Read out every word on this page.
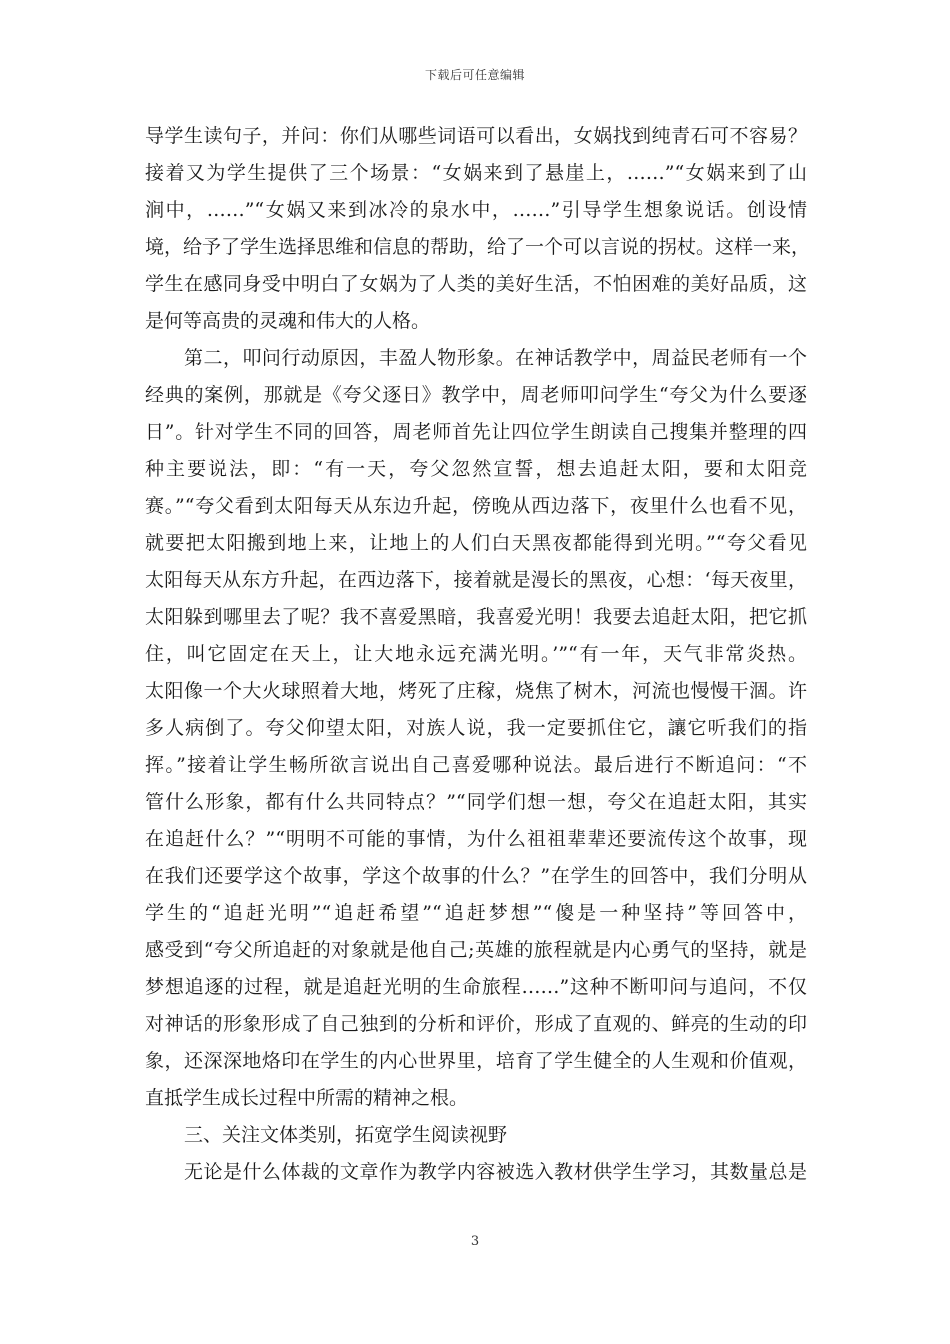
下载后可任意编辑
导学生读句子，并问：你们从哪些词语可以看出，女娲找到纯青石可不容易？
接着又为学生提供了三个场景：“女娲来到了悬崖上，……”“女娲来到了山
涧中，……”“女娲又来到冰冷的泉水中，……”引导学生想象说话。创设情
境，给予了学生选择思维和信息的帮助，给了一个可以言说的拐杖。这样一来，
学生在感同身受中明白了女娲为了人类的美好生活，不怕困难的美好品质，这
是何等高贵的灵魂和伟大的人格。
第二，叩问行动原因，丰盈人物形象。在神话教学中，周益民老师有一个
经典的案例，那就是《夸父逐日》教学中，周老师叩问学生“夸父为什么要逐
日”。针对学生不同的回答，周老师首先让四位学生朗读自己搜集并整理的四
种主要说法，即：“有一天，夸父忽然宣誓，想去追赶太阳，要和太阳竞
赛。”“夸父看到太阳每天从东边升起，傍晚从西边落下，夜里什么也看不见，
就要把太阳搬到地上来，让地上的人们白天黑夜都能得到光明。”“夸父看见
太阳每天从东方升起，在西边落下，接着就是漫长的黑夜，心想：‘每天夜里，
太阳躲到哪里去了呢？我不喜爱黑暗，我喜爱光明！我要去追赶太阳，把它抓
住，叫它固定在天上，让大地永远充满光明。’”“有一年，天气非常炎热。
太阳像一个大火球照着大地，烤死了庄稼，烧焦了树木，河流也慢慢干涸。许
多人病倒了。夸父仰望太阳，对族人说，我一定要抓住它，讓它听我们的指
挥。”接着让学生畅所欲言说出自己喜爱哪种说法。最后进行不断追问：“不
管什么形象，都有什么共同特点？”“同学们想一想，夸父在追赶太阳，其实
在追赶什么？”“明明不可能的事情，为什么祖祖辈辈还要流传这个故事，现
在我们还要学这个故事，学这个故事的什么？”在学生的回答中，我们分明从
学生的“追赶光明”“追赶希望”“追赶梦想”“傻是一种坚持”等回答中，
感受到“夸父所追赶的对象就是他自己;英雄的旅程就是内心勇气的坚持，就是
梦想追逐的过程，就是追赶光明的生命旅程……”这种不断叩问与追问，不仅
对神话的形象形成了自己独到的分析和评价，形成了直观的、鲜亮的生动的印
象，还深深地烙印在学生的内心世界里，培育了学生健全的人生观和价值观，
直抵学生成长过程中所需的精神之根。
三、关注文体类别，拓宽学生阅读视野
无论是什么体裁的文章作为教学内容被选入教材供学生学习，其数量总是
3
